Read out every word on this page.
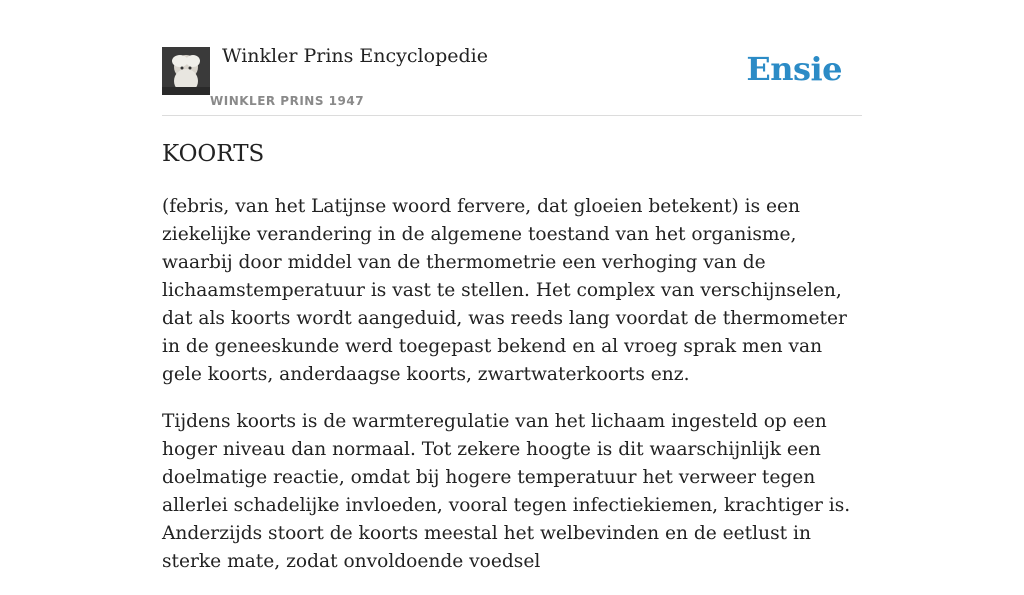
Winkler Prins Encyclopedie
WINKLER PRINS 1947
Ensie
KOORTS

(febris, van het Latijnse woord fervere, dat gloeien betekent) is een ziekelijke verandering in de algemene toestand van het organisme, waarbij door middel van de thermometrie een verhoging van de lichaamstemperatuur is vast te stellen. Het complex van verschijnselen, dat als koorts wordt aangeduid, was reeds lang voordat de thermometer in de geneeskunde werd toegepast bekend en al vroeg sprak men van gele koorts, anderdaagse koorts, zwartwaterkoorts enz.

Tijdens koorts is de warmteregulatie van het lichaam ingesteld op een hoger niveau dan normaal. Tot zekere hoogte is dit waarschijnlijk een doelmatige reactie, omdat bij hogere temperatuur het verweer tegen allerlei schadelijke invloeden, vooral tegen infectiekiemen, krachtiger is. Anderzijds stoort de koorts meestal het welbevinden en de eetlust in sterke mate, zodat onvoldoende voedsel
